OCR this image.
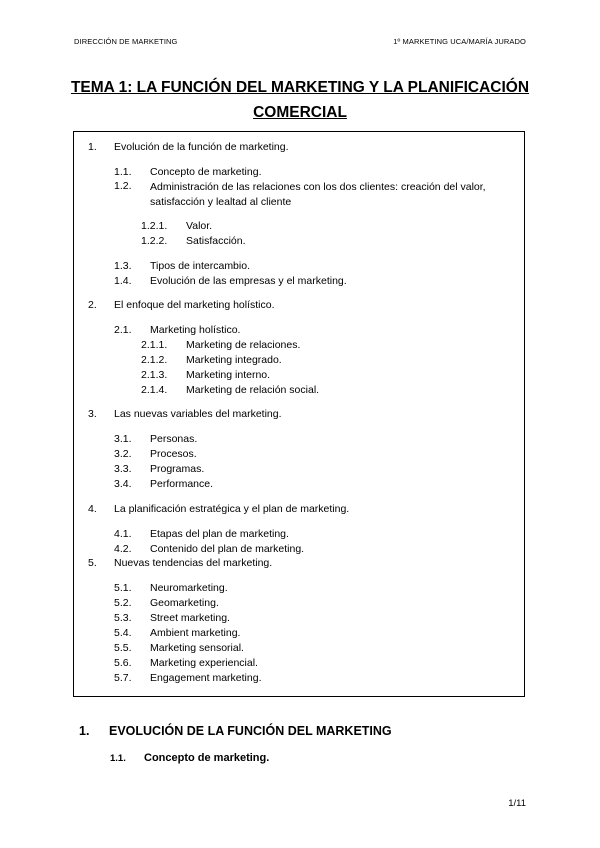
DIRECCIÓN DE MARKETING	1º MARKETING UCA/MARÍA JURADO
TEMA 1: LA FUNCIÓN DEL MARKETING Y LA PLANIFICACIÓN
COMERCIAL
1. Evolución de la función de marketing.
1.1. Concepto de marketing.
1.2. Administración de las relaciones con los dos clientes: creación del valor, satisfacción y lealtad al cliente
1.2.1. Valor.
1.2.2. Satisfacción.
1.3. Tipos de intercambio.
1.4. Evolución de las empresas y el marketing.
2. El enfoque del marketing holístico.
2.1. Marketing holístico.
2.1.1. Marketing de relaciones.
2.1.2. Marketing integrado.
2.1.3. Marketing interno.
2.1.4. Marketing de relación social.
3. Las nuevas variables del marketing.
3.1. Personas.
3.2. Procesos.
3.3. Programas.
3.4. Performance.
4. La planificación estratégica y el plan de marketing.
4.1. Etapas del plan de marketing.
4.2. Contenido del plan de marketing.
5. Nuevas tendencias del marketing.
5.1. Neuromarketing.
5.2. Geomarketing.
5.3. Street marketing.
5.4. Ambient marketing.
5.5. Marketing sensorial.
5.6. Marketing experiencial.
5.7. Engagement marketing.
1. EVOLUCIÓN DE LA FUNCIÓN DEL MARKETING
1.1. Concepto de marketing.
1/11
